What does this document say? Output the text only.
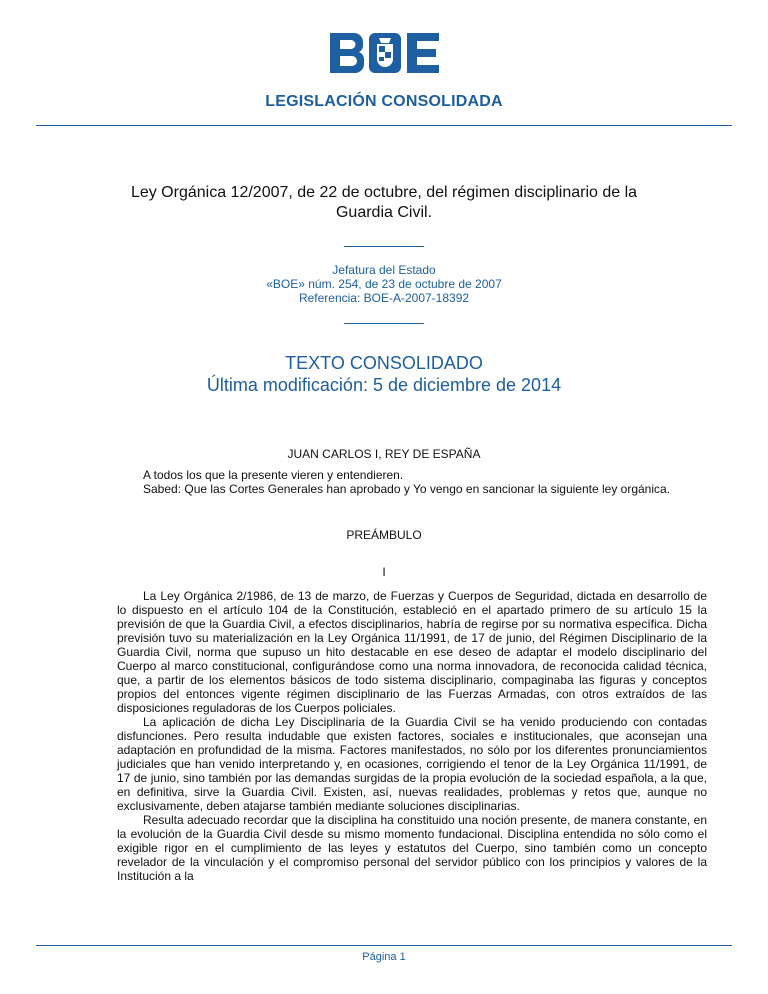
LEGISLACIÓN CONSOLIDADA
Ley Orgánica 12/2007, de 22 de octubre, del régimen disciplinario de la Guardia Civil.
Jefatura del Estado
«BOE» núm. 254, de 23 de octubre de 2007
Referencia: BOE-A-2007-18392
TEXTO CONSOLIDADO
Última modificación: 5 de diciembre de 2014
JUAN CARLOS I, REY DE ESPAÑA
A todos los que la presente vieren y entendieren.
Sabed: Que las Cortes Generales han aprobado y Yo vengo en sancionar la siguiente ley orgánica.
PREÁMBULO
I
La Ley Orgánica 2/1986, de 13 de marzo, de Fuerzas y Cuerpos de Seguridad, dictada en desarrollo de lo dispuesto en el artículo 104 de la Constitución, estableció en el apartado primero de su artículo 15 la previsión de que la Guardia Civil, a efectos disciplinarios, habría de regirse por su normativa específica. Dicha previsión tuvo su materialización en la Ley Orgánica 11/1991, de 17 de junio, del Régimen Disciplinario de la Guardia Civil, norma que supuso un hito destacable en ese deseo de adaptar el modelo disciplinario del Cuerpo al marco constitucional, configurándose como una norma innovadora, de reconocida calidad técnica, que, a partir de los elementos básicos de todo sistema disciplinario, compaginaba las figuras y conceptos propios del entonces vigente régimen disciplinario de las Fuerzas Armadas, con otros extraídos de las disposiciones reguladoras de los Cuerpos policiales.
La aplicación de dicha Ley Disciplinaria de la Guardia Civil se ha venido produciendo con contadas disfunciones. Pero resulta indudable que existen factores, sociales e institucionales, que aconsejan una adaptación en profundidad de la misma. Factores manifestados, no sólo por los diferentes pronunciamientos judiciales que han venido interpretando y, en ocasiones, corrigiendo el tenor de la Ley Orgánica 11/1991, de 17 de junio, sino también por las demandas surgidas de la propia evolución de la sociedad española, a la que, en definitiva, sirve la Guardia Civil. Existen, así, nuevas realidades, problemas y retos que, aunque no exclusivamente, deben atajarse también mediante soluciones disciplinarias.
Resulta adecuado recordar que la disciplina ha constituido una noción presente, de manera constante, en la evolución de la Guardia Civil desde su mismo momento fundacional. Disciplina entendida no sólo como el exigible rigor en el cumplimiento de las leyes y estatutos del Cuerpo, sino también como un concepto revelador de la vinculación y el compromiso personal del servidor público con los principios y valores de la Institución a la
Página 1
